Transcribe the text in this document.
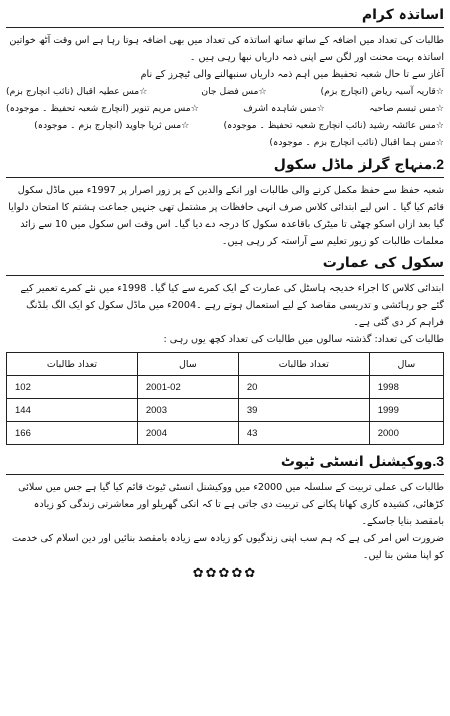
اساتذہ کرام

طالبات کی تعداد میں اضافہ کے ساتھ ساتھ اساتذہ کی تعداد میں بھی اضافہ ہوتا رہا ہے اس وقت آٹھ خواتین اساتذہ بہت محنت اور لگن سے اپنی ذمہ داریاں نبھا رہی ہیں ۔

آغاز سے تا حال شعبہ تحفیظ میں اہم ذمہ داریاں سنبھالنے والی ٹیچرز کے نام

☆قاریہ آسیہ ریاض (انچارج بزم)
☆مس فضل جان
☆مس عطیہ اقبال (نائب انچارج بزم)
☆مس تبسم صاحبہ
☆مس شاہدہ اشرف
☆مس مریم تنویر (انچارج شعبہ تحفیظ ۔ موجودہ)
☆مس عائشہ رشید (نائب انچارج شعبہ تحفیظ ۔ موجودہ)
☆مس ثریا جاوید (انچارج بزم ۔ موجودہ)
☆مس ہما اقبال (نائب انچارج بزم ۔ موجودہ)
2.منہاج گرلز ماڈل سکول

شعبہ حفظ سے حفظ مکمل کرنے والی طالبات اور انکے والدین کے پر زور اصرار پر 1997ء میں ماڈل سکول قائم کیا گیا ۔ اس لیے ابتدائی کلاس صرف انہی حافظات پر مشتمل تھی جنہیں جماعت ہشتم کا امتحان دلوایا گیا بعد ازاں اسکو چھٹی تا میٹرک باقاعدہ سکول کا درجہ دے دیا گیا۔ اس وقت اس سکول میں 10 سے زائد معلمات طالبات کو زیور تعلیم سے آراستہ کر رہی ہیں۔

سکول کی عمارت

ابتدائی کلاس کا اجراء خدیجہ ہاسٹل کی عمارت کے ایک کمرے سے کیا گیا۔ 1998ء میں نئے کمرے تعمیر کیے گئے جو رہائشی و تدریسی مقاصد کے لیے استعمال ہوتے رہے ۔2004ء میں ماڈل سکول کو ایک الگ بلڈنگ فراہم کر دی گئی ہے۔

طالبات کی تعداد: گذشتہ سالوں میں طالبات کی تعداد کچھ یوں رہی :

سال	تعداد طالبات	سال	تعداد طالبات
1998	20	2001-02	102
1999	39	2003	144
2000	43	2004	166
3.ووکیشنل انسٹی ٹیوٹ

طالبات کی عملی تربیت کے سلسلہ میں 2000ء میں ووکیشنل انسٹی ٹیوٹ قائم کیا گیا ہے جس میں سلائی کڑھائی، کشیدہ کاری کھانا پکانے کی تربیت دی جاتی ہے تا کہ انکی گھریلو اور معاشرتی زندگی کو زیادہ بامقصد بنایا جاسکے۔

ضرورت اس امر کی ہے کہ ہم سب اپنی زندگیوں کو زیادہ سے زیادہ بامقصد بنائیں اور دین اسلام کی خدمت کو اپنا مشن بنا لیں۔

✿✿✿✿✿
